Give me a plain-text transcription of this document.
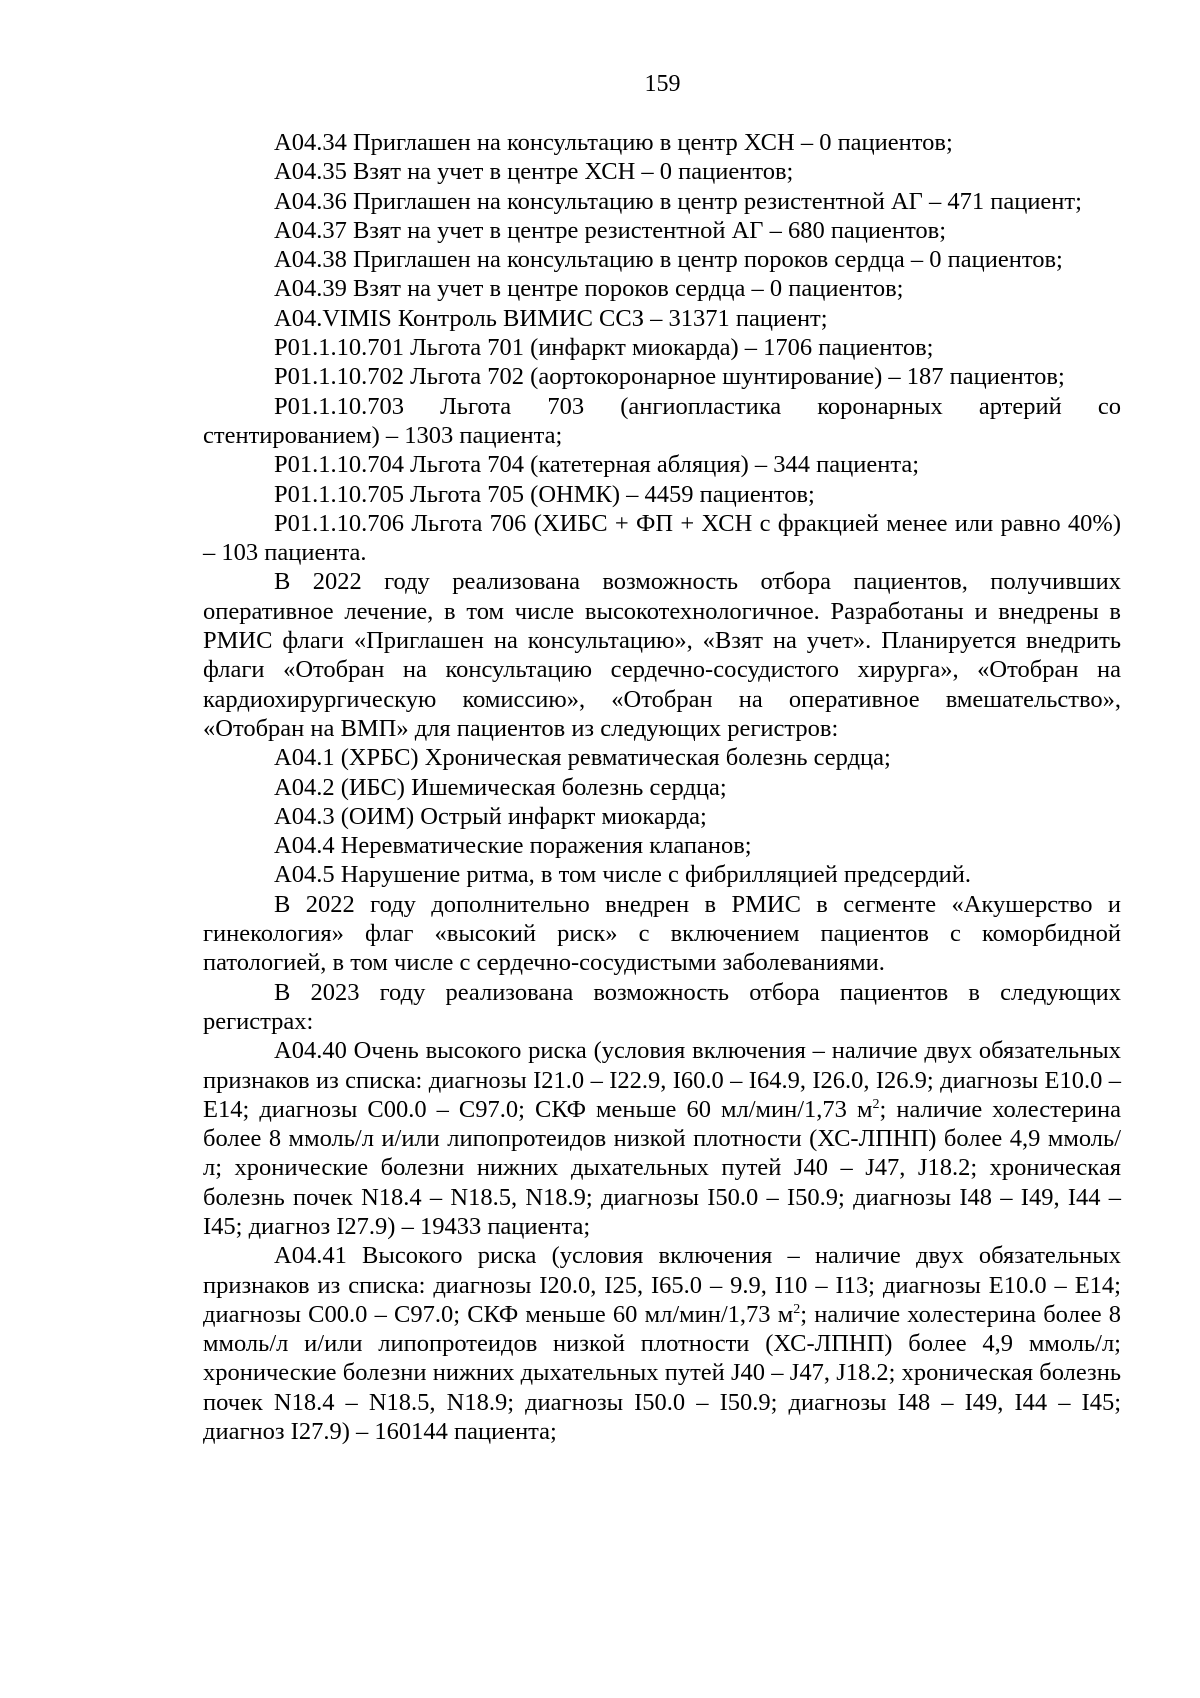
159

А04.34 Приглашен на консультацию в центр ХСН – 0 пациентов;

А04.35 Взят на учет в центре ХСН – 0 пациентов;

А04.36 Приглашен на консультацию в центр резистентной АГ – 471 пациент;

А04.37 Взят на учет в центре резистентной АГ – 680 пациентов;

А04.38 Приглашен на консультацию в центр пороков сердца – 0 пациентов;

А04.39 Взят на учет в центре пороков сердца – 0 пациентов;

А04.VIMIS Контроль ВИМИС ССЗ – 31371 пациент;

Р01.1.10.701 Льгота 701 (инфаркт миокарда) – 1706 пациентов;

Р01.1.10.702 Льгота 702 (аортокоронарное шунтирование) – 187 пациентов;

Р01.1.10.703 Льгота 703 (ангиопластика коронарных артерий со стентированием) – 1303 пациента;

Р01.1.10.704 Льгота 704 (катетерная абляция) – 344 пациента;

Р01.1.10.705 Льгота 705 (ОНМК) – 4459 пациентов;

Р01.1.10.706 Льгота 706 (ХИБС + ФП + ХСН с фракцией менее или равно 40%) – 103 пациента.

В 2022 году реализована возможность отбора пациентов, получивших оперативное лечение, в том числе высокотехнологичное. Разработаны и внедрены в РМИС флаги «Приглашен на консультацию», «Взят на учет». Планируется внедрить флаги «Отобран на консультацию сердечно-сосудистого хирурга», «Отобран на кардиохирургическую комиссию», «Отобран на оперативное вмешательство», «Отобран на ВМП» для пациентов из следующих регистров:

А04.1 (ХРБС) Хроническая ревматическая болезнь сердца;

А04.2 (ИБС) Ишемическая болезнь сердца;

А04.3 (ОИМ) Острый инфаркт миокарда;

А04.4 Неревматические поражения клапанов;

А04.5 Нарушение ритма, в том числе с фибрилляцией предсердий.

В 2022 году дополнительно внедрен в РМИС в сегменте «Акушерство и гинекология» флаг «высокий риск» с включением пациентов с коморбидной патологией, в том числе с сердечно-сосудистыми заболеваниями.

В 2023 году реализована возможность отбора пациентов в следующих регистрах:

А04.40 Очень высокого риска (условия включения – наличие двух обязательных признаков из списка: диагнозы I21.0 – I22.9, I60.0 – I64.9, I26.0, I26.9; диагнозы E10.0 – E14; диагнозы C00.0 – C97.0; СКФ меньше 60 мл/мин/1,73 $м^2$; наличие холестерина более 8 ммоль/л и/или липопротеидов низкой плотности (ХС-ЛПНП) более 4,9 ммоль/л; хронические болезни нижних дыхательных путей J40 – J47, J18.2; хроническая болезнь почек N18.4 – N18.5, N18.9; диагнозы I50.0 – I50.9; диагнозы I48 – I49, I44 – I45; диагноз I27.9) – 19433 пациента;

А04.41 Высокого риска (условия включения – наличие двух обязательных признаков из списка: диагнозы I20.0, I25, I65.0 – 9.9, I10 – I13; диагнозы E10.0 – E14; диагнозы C00.0 – C97.0; СКФ меньше 60 мл/мин/1,73 $м^2$; наличие холестерина более 8 ммоль/л и/или липопротеидов низкой плотности (ХС-ЛПНП) более 4,9 ммоль/л; хронические болезни нижних дыхательных путей J40 – J47, J18.2; хроническая болезнь почек N18.4 – N18.5, N18.9; диагнозы I50.0 – I50.9; диагнозы I48 – I49, I44 – I45; диагноз I27.9) – 160144 пациента;
